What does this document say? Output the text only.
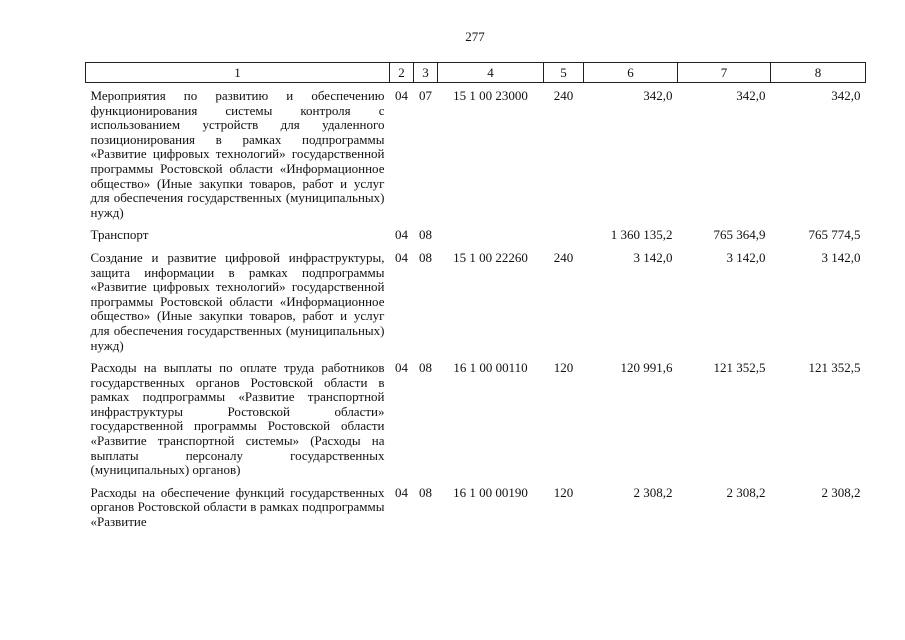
277
1	2	3	4	5	6	7	8
Мероприятия по развитию и обеспечению функционирования системы контроля с использованием устройств для удаленного позиционирования в рамках подпрограммы «Развитие цифровых технологий» государственной программы Ростовской области «Информационное общество» (Иные закупки товаров, работ и услуг для обеспечения государственных (муниципальных) нужд)	04	07	15 1 00 23000	240	342,0	342,0	342,0
Транспорт	04	08			1 360 135,2	765 364,9	765 774,5
Создание и развитие цифровой инфраструктуры, защита информации в рамках подпрограммы «Развитие цифровых технологий» государственной программы Ростовской области «Информационное общество» (Иные закупки товаров, работ и услуг для обеспечения государственных (муниципальных) нужд)	04	08	15 1 00 22260	240	3 142,0	3 142,0	3 142,0
Расходы на выплаты по оплате труда работников государственных органов Ростовской области в рамках подпрограммы «Развитие транспортной инфраструктуры Ростовской области» государственной программы Ростовской области «Развитие транспортной системы» (Расходы на выплаты персоналу государственных (муниципальных) органов)	04	08	16 1 00 00110	120	120 991,6	121 352,5	121 352,5
Расходы на обеспечение функций государственных органов Ростовской области в рамках подпрограммы «Развитие	04	08	16 1 00 00190	120	2 308,2	2 308,2	2 308,2
